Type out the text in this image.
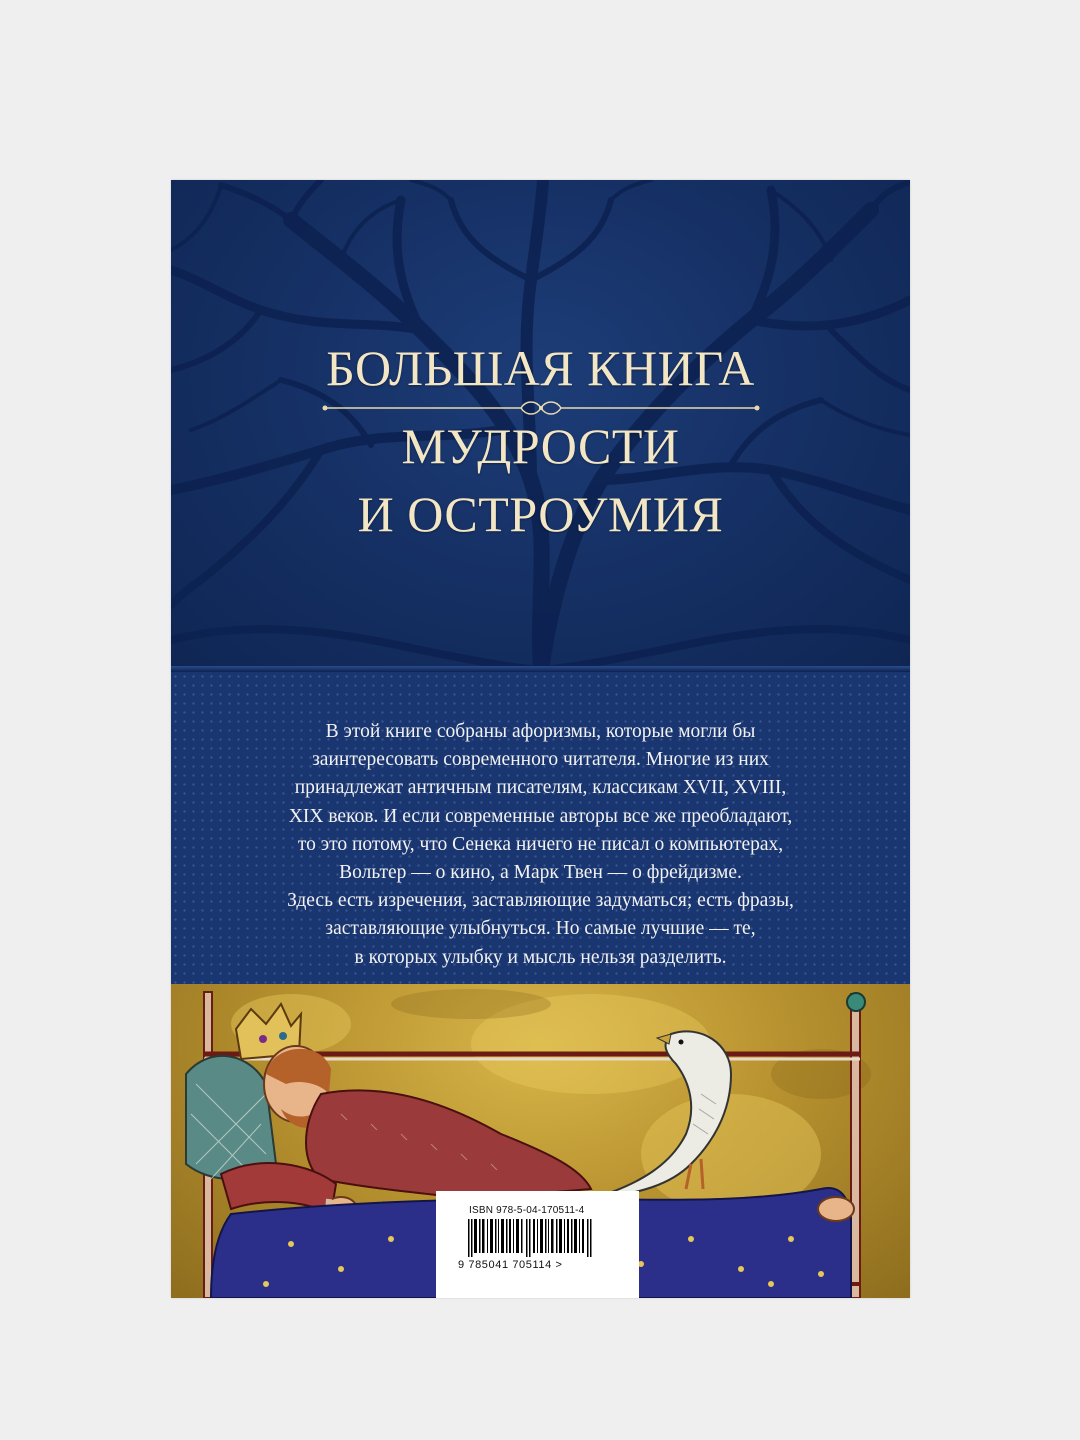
БОЛЬШАЯ КНИГА
МУДРОСТИ
И ОСТРОУМИЯ
В этой книге собраны афоризмы, которые могли бы
заинтересовать современного читателя. Многие из них
принадлежат античным писателям, классикам XVII, XVIII,
XIX веков. И если современные авторы все же преобладают,
то это потому, что Сенека ничего не писал о компьютерах,
Вольтер — о кино, а Марк Твен — о фрейдизме.
Здесь есть изречения, заставляющие задуматься; есть фразы,
заставляющие улыбнуться. Но самые лучшие — те,
в которых улыбку и мысль нельзя разделить.
ISBN 978-5-04-170511-4
9 785041 705114 >
